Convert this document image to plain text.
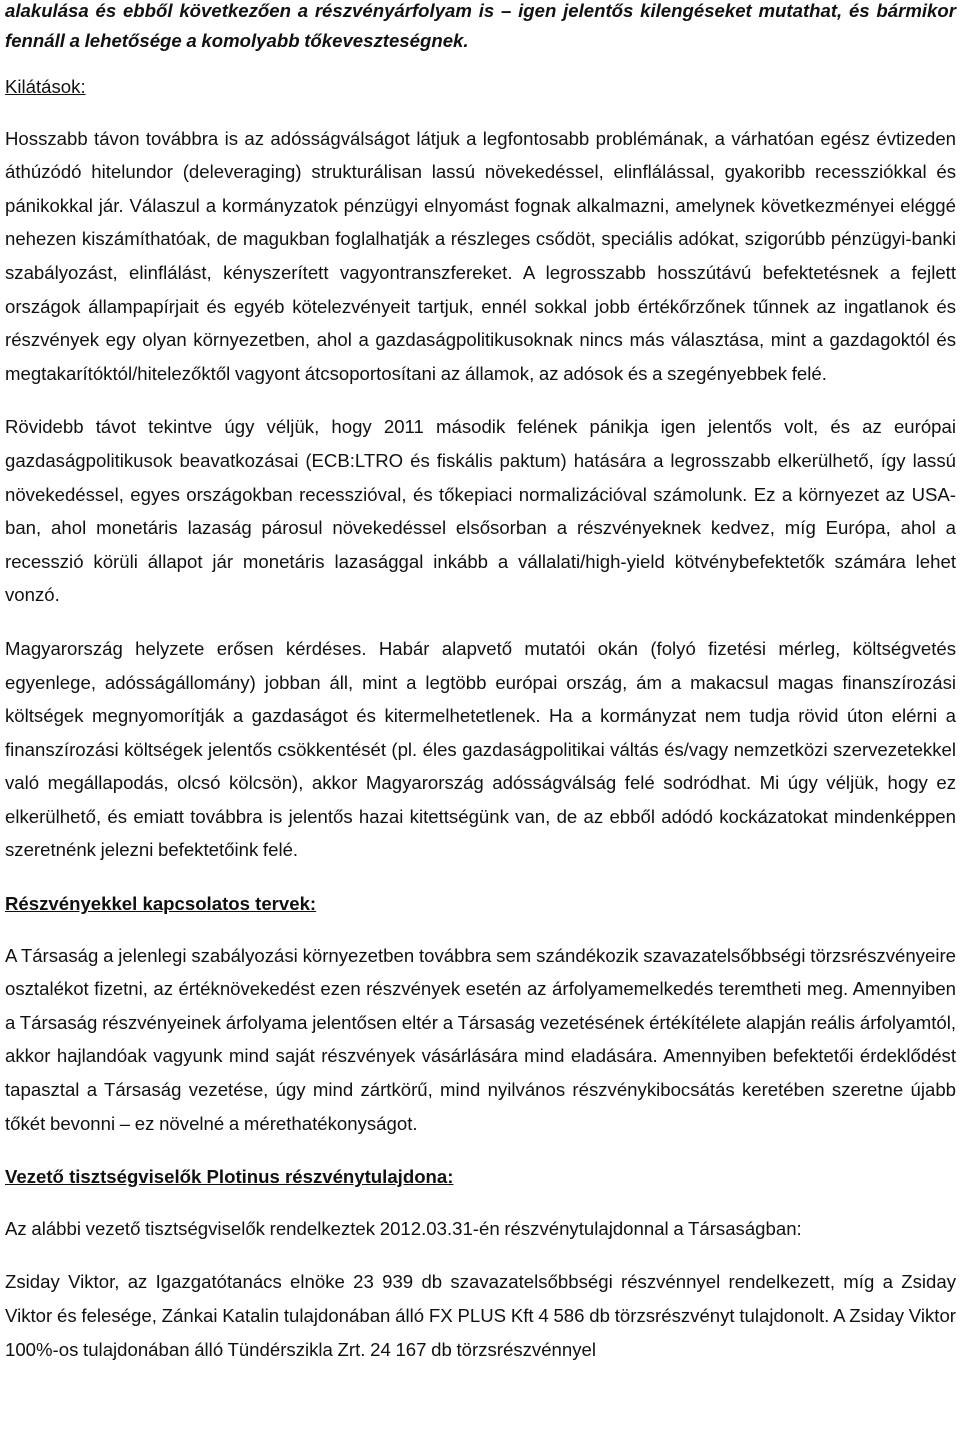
alakulása és ebből következően a részvényárfolyam is – igen jelentős kilengéseket mutathat, és bármikor fennáll a lehetősége a komolyabb tőkeveszteségnek.

Kilátások:

Hosszabb távon továbbra is az adósságválságot látjuk a legfontosabb problémának, a várhatóan egész évtizeden áthúzódó hitelundor (deleveraging) strukturálisan lassú növekedéssel, elinflálással, gyakoribb recessziókkal és pánikokkal jár. Válaszul a kormányzatok pénzügyi elnyomást fognak alkalmazni, amelynek következményei eléggé nehezen kiszámíthatóak, de magukban foglalhatják a részleges csődöt, speciális adókat, szigorúbb pénzügyi-banki szabályozást, elinflálást, kényszerített vagyontranszfereket. A legrosszabb hosszútávú befektetésnek a fejlett országok állampapírjait és egyéb kötelezvényeit tartjuk, ennél sokkal jobb értékőrzőnek tűnnek az ingatlanok és részvények egy olyan környezetben, ahol a gazdaságpolitikusoknak nincs más választása, mint a gazdagoktól és megtakarítóktól/hitelezőktől vagyont átcsoportosítani az államok, az adósok és a szegényebbek felé.

Rövidebb távot tekintve úgy véljük, hogy 2011 második felének pánikja igen jelentős volt, és az európai gazdaságpolitikusok beavatkozásai (ECB:LTRO és fiskális paktum) hatására a legrosszabb elkerülhető, így lassú növekedéssel, egyes országokban recesszióval, és tőkepiaci normalizációval számolunk. Ez a környezet az USA-ban, ahol monetáris lazaság párosul növekedéssel elsősorban a részvényeknek kedvez, míg Európa, ahol a recesszió körüli állapot jár monetáris lazasággal inkább a vállalati/high-yield kötvénybefektetők számára lehet vonzó.

Magyarország helyzete erősen kérdéses. Habár alapvető mutatói okán (folyó fizetési mérleg, költségvetés egyenlege, adósságállomány) jobban áll, mint a legtöbb európai ország, ám a makacsul magas finanszírozási költségek megnyomorítják a gazdaságot és kitermelhetetlenek. Ha a kormányzat nem tudja rövid úton elérni a finanszírozási költségek jelentős csökkentését (pl. éles gazdaságpolitikai váltás és/vagy nemzetközi szervezetekkel való megállapodás, olcsó kölcsön), akkor Magyarország adósságválság felé sodródhat. Mi úgy véljük, hogy ez elkerülhető, és emiatt továbbra is jelentős hazai kitettségünk van, de az ebből adódó kockázatokat mindenképpen szeretnénk jelezni befektetőink felé.

Részvényekkel kapcsolatos tervek:

A Társaság a jelenlegi szabályozási környezetben továbbra sem szándékozik szavazatelsőbbségi törzsrészvényeire osztalékot fizetni, az értéknövekedést ezen részvények esetén az árfolyamemelkedés teremtheti meg. Amennyiben a Társaság részvényeinek árfolyama jelentősen eltér a Társaság vezetésének értékítélete alapján reális árfolyamtól, akkor hajlandóak vagyunk mind saját részvények vásárlására mind eladására. Amennyiben befektetői érdeklődést tapasztal a Társaság vezetése, úgy mind zártkörű, mind nyilvános részvénykibocsátás keretében szeretne újabb tőkét bevonni – ez növelné a mérethatékonyságot.

Vezető tisztségviselők Plotinus részvénytulajdona:

Az alábbi vezető tisztségviselők rendelkeztek 2012.03.31-én részvénytulajdonnal a Társaságban:

Zsiday Viktor, az Igazgatótanács elnöke 23 939 db szavazatelsőbbségi részvénnyel rendelkezett, míg a Zsiday Viktor és felesége, Zánkai Katalin tulajdonában álló FX PLUS Kft 4 586 db törzsrészvényt tulajdonolt. A Zsiday Viktor 100%-os tulajdonában álló Tündérszikla Zrt. 24 167 db törzsrészvénnyel
